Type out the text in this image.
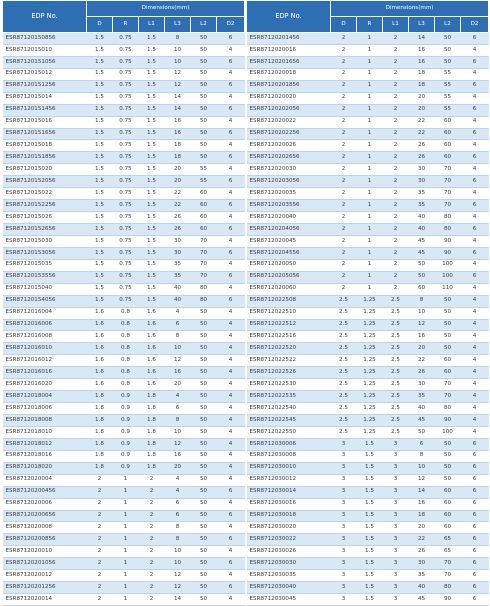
EDP No.	Dimensions(mm)					
	D	R	L1	L3	L2	D2
ESR87120150856	1.5	0.75	1.5	8	50	6
ESR8712015010	1.5	0.75	1.5	10	50	4
ESR87120151056	1.5	0.75	1.5	10	50	6
ESR8712015012	1.5	0.75	1.5	12	50	4
ESR87120151256	1.5	0.75	1.5	12	50	6
ESR8712015014	1.5	0.75	1.5	14	50	4
ESR87120151456	1.5	0.75	1.5	14	50	6
ESR8712015016	1.5	0.75	1.5	16	50	4
ESR87120151656	1.5	0.75	1.5	16	50	6
ESR8712015018	1.5	0.75	1.5	18	50	4
ESR87120151856	1.5	0.75	1.5	18	50	6
ESR8712015020	1.5	0.75	1.5	20	55	4
ESR87120152056	1.5	0.75	1.5	20	55	6
ESR8712015022	1.5	0.75	1.5	22	60	4
ESR87120152256	1.5	0.75	1.5	22	60	6
ESR8712015026	1.5	0.75	1.5	26	60	4
ESR87120152656	1.5	0.75	1.5	26	60	6
ESR8712015030	1.5	0.75	1.5	30	70	4
ESR87120153056	1.5	0.75	1.5	30	70	6
ESR8712015035	1.5	0.75	1.5	35	70	4
ESR87120153556	1.5	0.75	1.5	35	70	6
ESR8712015040	1.5	0.75	1.5	40	80	4
ESR87120154056	1.5	0.75	1.5	40	80	6
ESR8712016004	1.6	0.8	1.6	4	50	4
ESR8712016006	1.6	0.8	1.6	6	50	4
ESR8712016008	1.6	0.8	1.6	8	50	4
ESR8712016010	1.6	0.8	1.6	10	50	4
ESR8712016012	1.6	0.8	1.6	12	50	4
ESR8712016016	1.6	0.8	1.6	16	50	4
ESR8712016020	1.6	0.8	1.6	20	50	4
ESR8712018004	1.8	0.9	1.8	4	50	4
ESR8712018006	1.8	0.9	1.8	6	50	4
ESR8712018008	1.8	0.9	1.8	8	50	4
ESR8712018010	1.8	0.9	1.8	10	50	4
ESR8712018012	1.8	0.9	1.8	12	50	4
ESR8712018016	1.8	0.9	1.8	16	50	4
ESR8712018020	1.8	0.9	1.8	20	50	4
ESR8712020004	2	1	2	4	50	4
ESR87120200456	2	1	2	4	50	6
ESR8712020006	2	1	2	6	50	4
ESR87120200656	2	1	2	6	50	6
ESR8712020008	2	1	2	8	50	4
ESR87120200856	2	1	2	8	50	6
ESR8712020010	2	1	2	10	50	4
ESR87120201056	2	1	2	10	50	6
ESR8712020012	2	1	2	12	50	4
ESR87120201256	2	1	2	12	50	6
ESR8712020014	2	1	2	14	50	4
EDP No.	Dimensions(mm)					
	D	R	L1	L3	L2	D2
ESR87120201456	2	1	2	14	50	6
ESR8712020016	2	1	2	16	50	4
ESR87120201656	2	1	2	16	50	6
ESR8712020018	2	1	2	18	55	4
ESR87120201856	2	1	2	18	55	6
ESR8712020020	2	1	2	20	55	4
ESR87120202056	2	1	2	20	55	6
ESR8712020022	2	1	2	22	60	4
ESR87120202256	2	1	2	22	60	6
ESR8712020026	2	1	2	26	60	4
ESR87120202656	2	1	2	26	60	6
ESR8712020030	2	1	2	30	70	4
ESR87120203056	2	1	2	30	70	6
ESR8712020035	2	1	2	35	70	4
ESR87120203556	2	1	2	35	70	6
ESR8712020040	2	1	2	40	80	4
ESR87120204056	2	1	2	40	80	6
ESR8712020045	2	1	2	45	90	4
ESR87120204556	2	1	2	45	90	6
ESR8712020050	2	1	2	50	100	4
ESR87120205056	2	1	2	50	100	6
ESR8712020060	2	1	2	60	110	4
ESR8712022508	2.5	1.25	2.5	8	50	4
ESR8712022510	2.5	1.25	2.5	10	50	4
ESR8712022512	2.5	1.25	2.5	12	50	4
ESR8712022516	2.5	1.25	2.5	16	50	4
ESR8712022520	2.5	1.25	2.5	20	50	4
ESR8712022522	2.5	1.25	2.5	22	60	4
ESR8712022526	2.5	1.25	2.5	26	60	4
ESR8712022530	2.5	1.25	2.5	30	70	4
ESR8712022535	2.5	1.25	2.5	35	70	4
ESR8712022540	2.5	1.25	2.5	40	80	4
ESR8712022545	2.5	1.25	2.5	45	90	4
ESR8712022550	2.5	1.25	2.5	50	100	4
ESR8712030006	3	1.5	3	6	50	6
ESR8712030008	3	1.5	3	8	50	6
ESR8712030010	3	1.5	3	10	50	6
ESR8712030012	3	1.5	3	12	50	6
ESR8712030014	3	1.5	3	14	60	6
ESR8712030016	3	1.5	3	16	60	6
ESR8712030018	3	1.5	3	18	60	6
ESR8712030020	3	1.5	3	20	60	6
ESR8712030022	3	1.5	3	22	65	6
ESR8712030026	3	1.5	3	26	65	6
ESR8712030030	3	1.5	3	30	70	6
ESR8712030035	3	1.5	3	35	70	6
ESR8712030040	3	1.5	3	40	80	6
ESR8712030045	3	1.5	3	45	90	6
